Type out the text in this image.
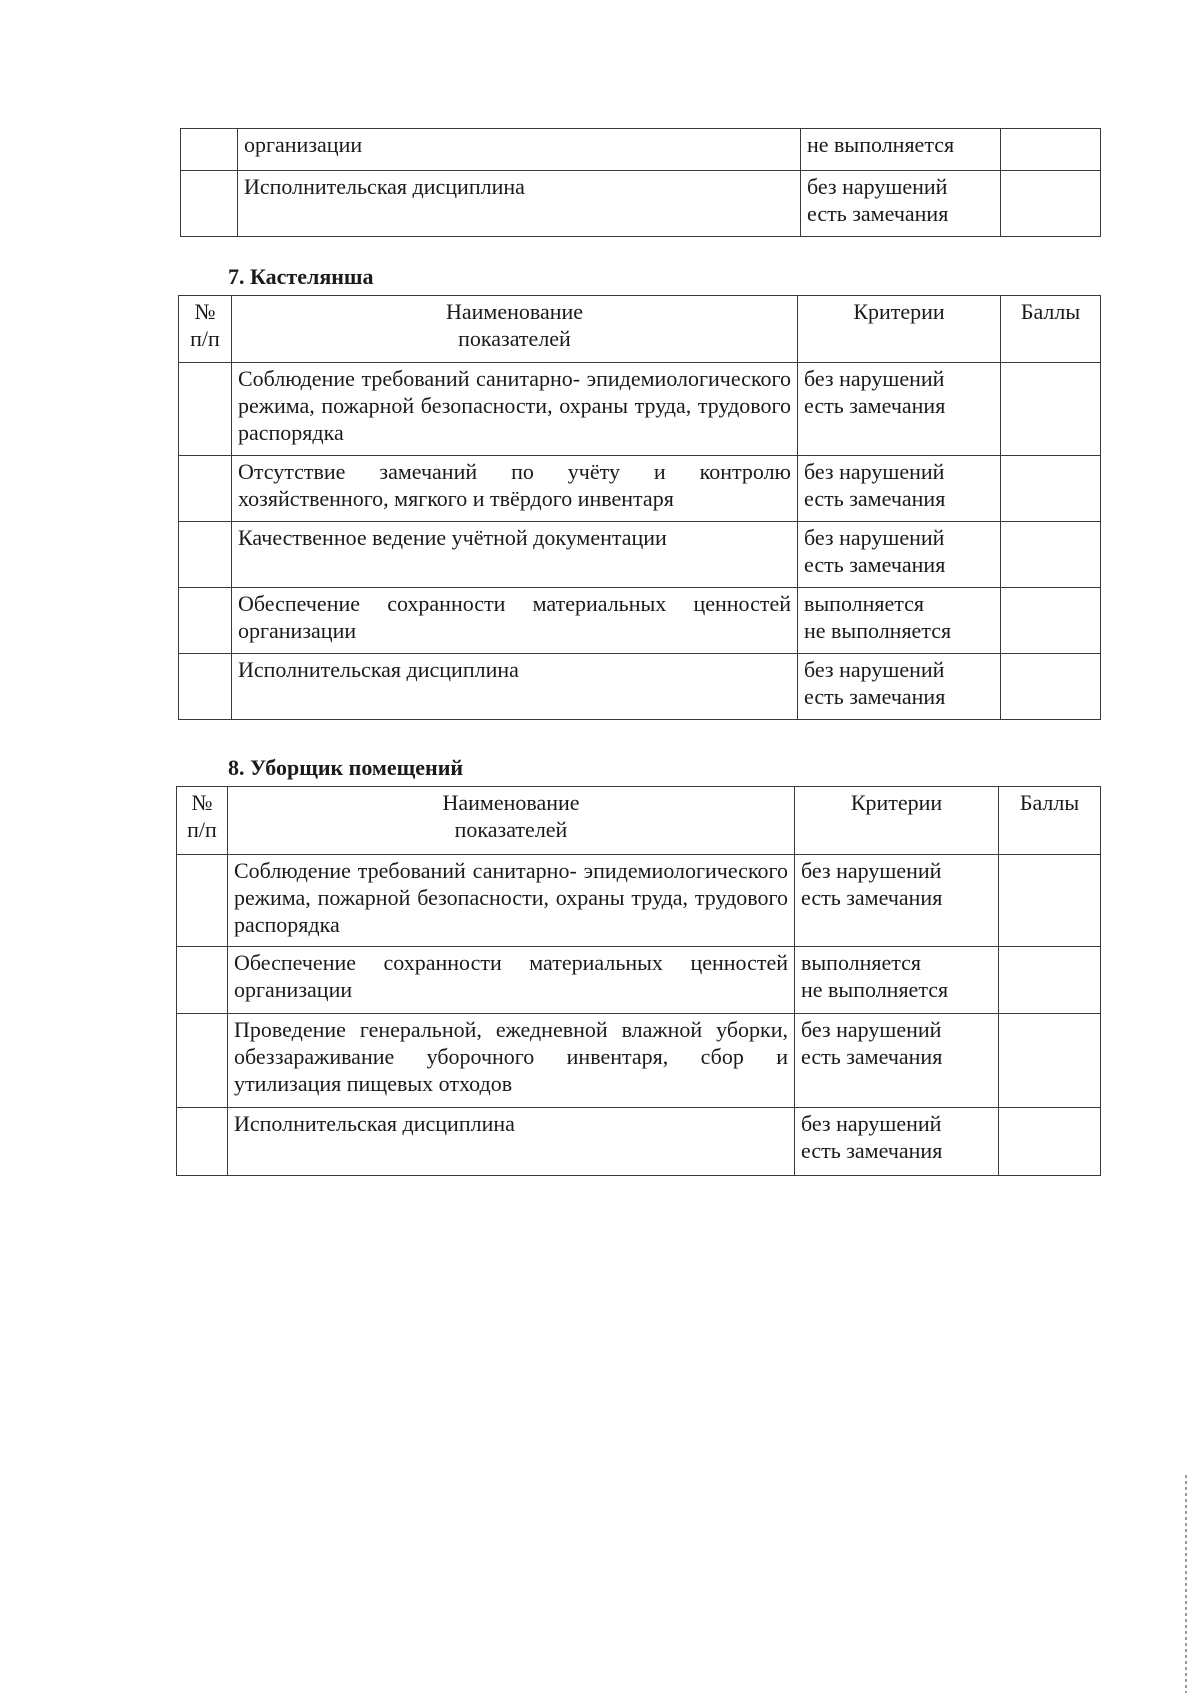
	организации	не выполняется	

	Исполнительская дисциплина	без нарушений
есть замечания	

7. Кастелянша
№
п/п	Наименование
показателей	Критерии	Баллы
	Соблюдение требований санитарно- эпидемиологического режима, пожарной безопасности, охраны труда, трудового распорядка	без нарушений
есть замечания	

	Отсутствие замечаний по учёту и контролю хозяйственного, мягкого и твёрдого инвентаря	без нарушений
есть замечания	

	Качественное ведение учётной документации	без нарушений
есть замечания	

	Обеспечение сохранности материальных ценностей организации	выполняется
не выполняется	

	Исполнительская дисциплина	без нарушений
есть замечания	

8. Уборщик помещений
№
п/п	Наименование
показателей	Критерии	Баллы
	Соблюдение требований санитарно- эпидемиологического режима, пожарной безопасности, охраны труда, трудового распорядка	без нарушений
есть замечания	

	Обеспечение сохранности материальных ценностей организации	выполняется
не выполняется	

	Проведение генеральной, ежедневной влажной уборки, обеззараживание уборочного инвентаря, сбор и утилизация пищевых отходов	без нарушений
есть замечания	

	Исполнительская дисциплина	без нарушений
есть замечания	
